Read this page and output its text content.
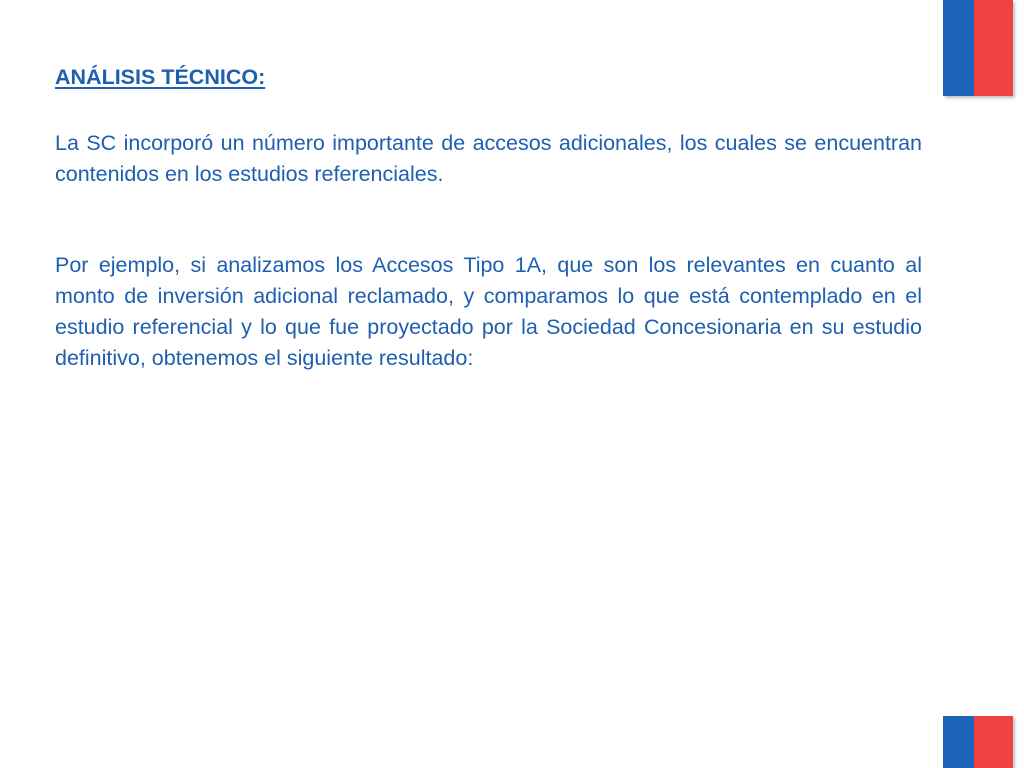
ANÁLISIS TÉCNICO:

La SC incorporó un número importante de accesos adicionales, los cuales se encuentran contenidos en los estudios referenciales.

Por ejemplo, si analizamos los Accesos Tipo 1A, que son los relevantes en cuanto al monto de inversión adicional reclamado, y comparamos lo que está contemplado en el estudio referencial y lo que fue proyectado por la Sociedad Concesionaria en su estudio definitivo, obtenemos el siguiente resultado:
